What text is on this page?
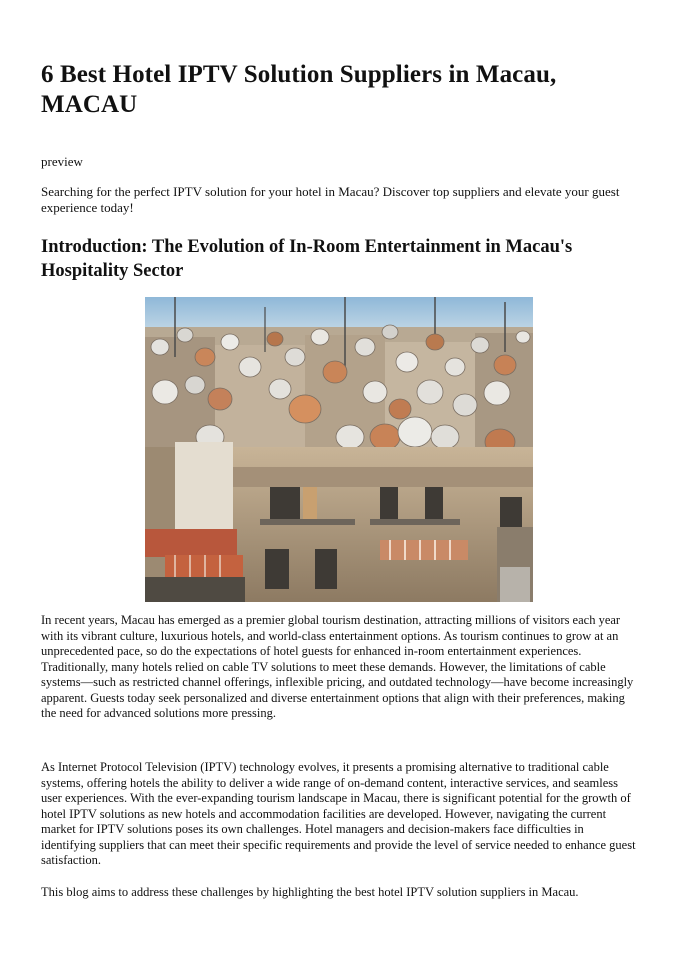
6 Best Hotel IPTV Solution Suppliers in Macau, MACAU

preview

Searching for the perfect IPTV solution for your hotel in Macau? Discover top suppliers and elevate your guest experience today!

Introduction: The Evolution of In-Room Entertainment in Macau's Hospitality Sector

In recent years, Macau has emerged as a premier global tourism destination, attracting millions of visitors each year with its vibrant culture, luxurious hotels, and world-class entertainment options. As tourism continues to grow at an unprecedented pace, so do the expectations of hotel guests for enhanced in-room entertainment experiences. Traditionally, many hotels relied on cable TV solutions to meet these demands. However, the limitations of cable systems—such as restricted channel offerings, inflexible pricing, and outdated technology—have become increasingly apparent. Guests today seek personalized and diverse entertainment options that align with their preferences, making the need for advanced solutions more pressing.

As Internet Protocol Television (IPTV) technology evolves, it presents a promising alternative to traditional cable systems, offering hotels the ability to deliver a wide range of on-demand content, interactive services, and seamless user experiences. With the ever-expanding tourism landscape in Macau, there is significant potential for the growth of hotel IPTV solutions as new hotels and accommodation facilities are developed. However, navigating the current market for IPTV solutions poses its own challenges. Hotel managers and decision-makers face difficulties in identifying suppliers that can meet their specific requirements and provide the level of service needed to enhance guest satisfaction.

This blog aims to address these challenges by highlighting the best hotel IPTV solution suppliers in Macau.
